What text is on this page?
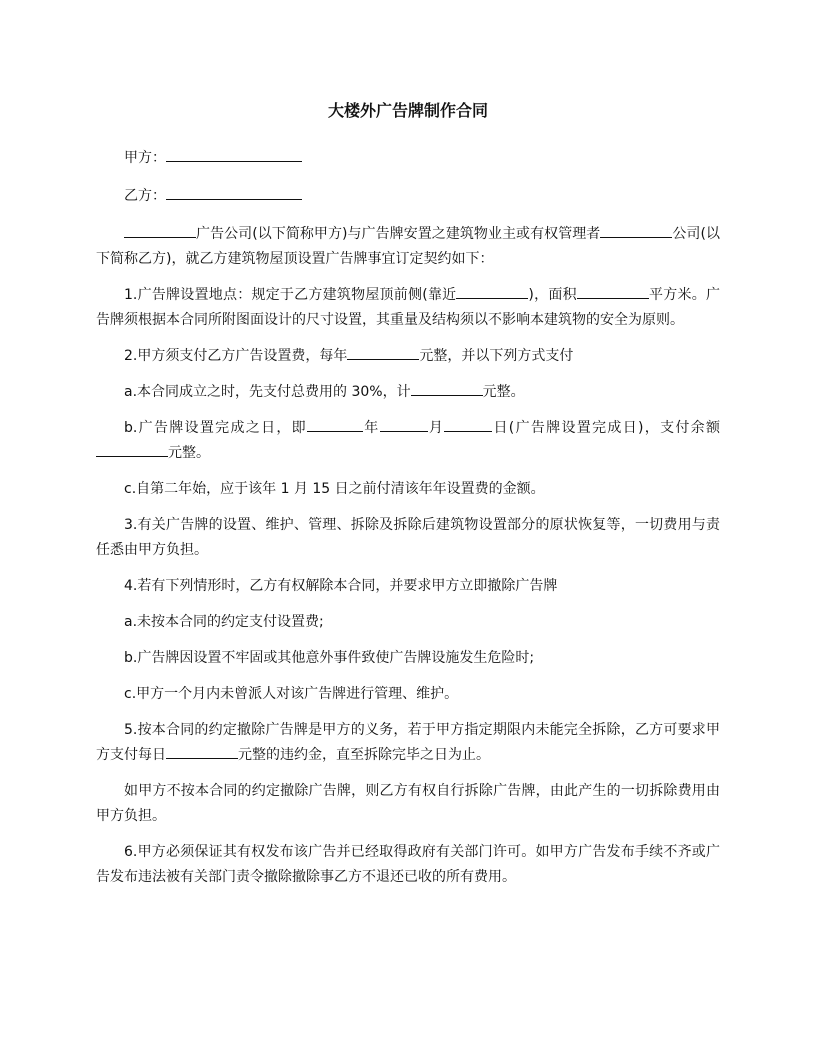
大楼外广告牌制作合同
甲方：
乙方：
广告公司(以下简称甲方)与广告牌安置之建筑物业主或有权管理者	公司(以下简称乙方)，就乙方建筑物屋顶设置广告牌事宜订定契约如下：
1.广告牌设置地点：规定于乙方建筑物屋顶前侧(靠近	)，面积	平方米。广告牌须根据本合同所附图面设计的尺寸设置，其重量及结构须以不影响本建筑物的安全为原则。
2.甲方须支付乙方广告设置费，每年	元整，并以下列方式支付
a.本合同成立之时，先支付总费用的 30%，计	元整。
b.广告牌设置完成之日，即	年	月	日(广告牌设置完成日)，支付余额元整。
c.自第二年始，应于该年 1 月 15 日之前付清该年年设置费的金额。
3.有关广告牌的设置、维护、管理、拆除及拆除后建筑物设置部分的原状恢复等，一切费用与责任悉由甲方负担。
4.若有下列情形时，乙方有权解除本合同，并要求甲方立即撤除广告牌
a.未按本合同的约定支付设置费;
b.广告牌因设置不牢固或其他意外事件致使广告牌设施发生危险时;
c.甲方一个月内未曾派人对该广告牌进行管理、维护。
5.按本合同的约定撤除广告牌是甲方的义务，若于甲方指定期限内未能完全拆除，乙方可要求甲方支付每日	元整的违约金，直至拆除完毕之日为止。
如甲方不按本合同的约定撤除广告牌，则乙方有权自行拆除广告牌，由此产生的一切拆除费用由甲方负担。
6.甲方必须保证其有权发布该广告并已经取得政府有关部门许可。如甲方广告发布手续不齐或广告发布违法被有关部门责令撤除撤除事乙方不退还已收的所有费用。
